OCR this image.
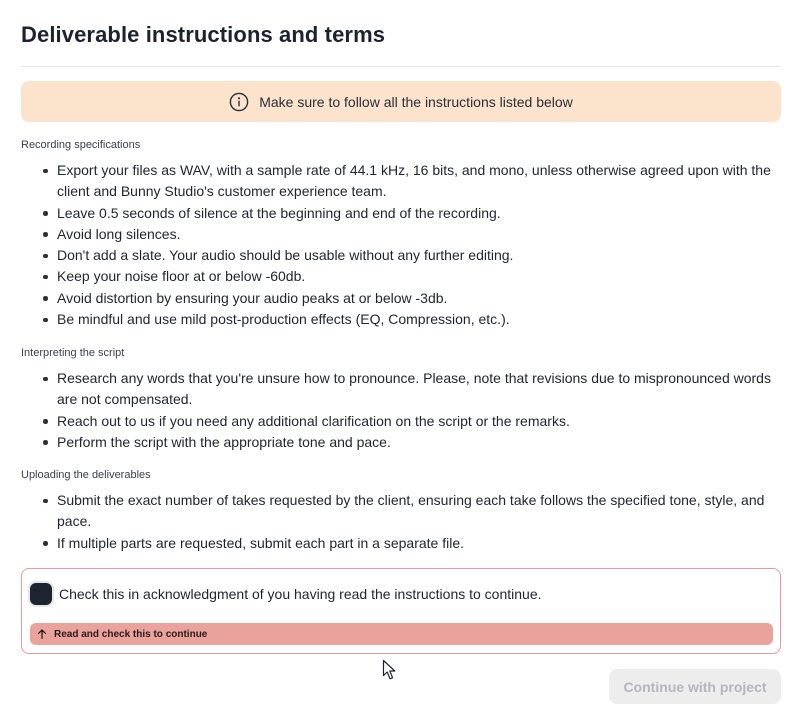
Deliverable instructions and terms
Make sure to follow all the instructions listed below
Recording specifications
Export your files as WAV, with a sample rate of 44.1 kHz, 16 bits, and mono, unless otherwise agreed upon with the client and Bunny Studio's customer experience team.
Leave 0.5 seconds of silence at the beginning and end of the recording.
Avoid long silences.
Don't add a slate. Your audio should be usable without any further editing.
Keep your noise floor at or below -60db.
Avoid distortion by ensuring your audio peaks at or below -3db.
Be mindful and use mild post-production effects (EQ, Compression, etc.).
Interpreting the script
Research any words that you're unsure how to pronounce. Please, note that revisions due to mispronounced words are not compensated.
Reach out to us if you need any additional clarification on the script or the remarks.
Perform the script with the appropriate tone and pace.
Uploading the deliverables
Submit the exact number of takes requested by the client, ensuring each take follows the specified tone, style, and pace.
If multiple parts are requested, submit each part in a separate file.
Check this in acknowledgment of you having read the instructions to continue.
Read and check this to continue
Continue with project
